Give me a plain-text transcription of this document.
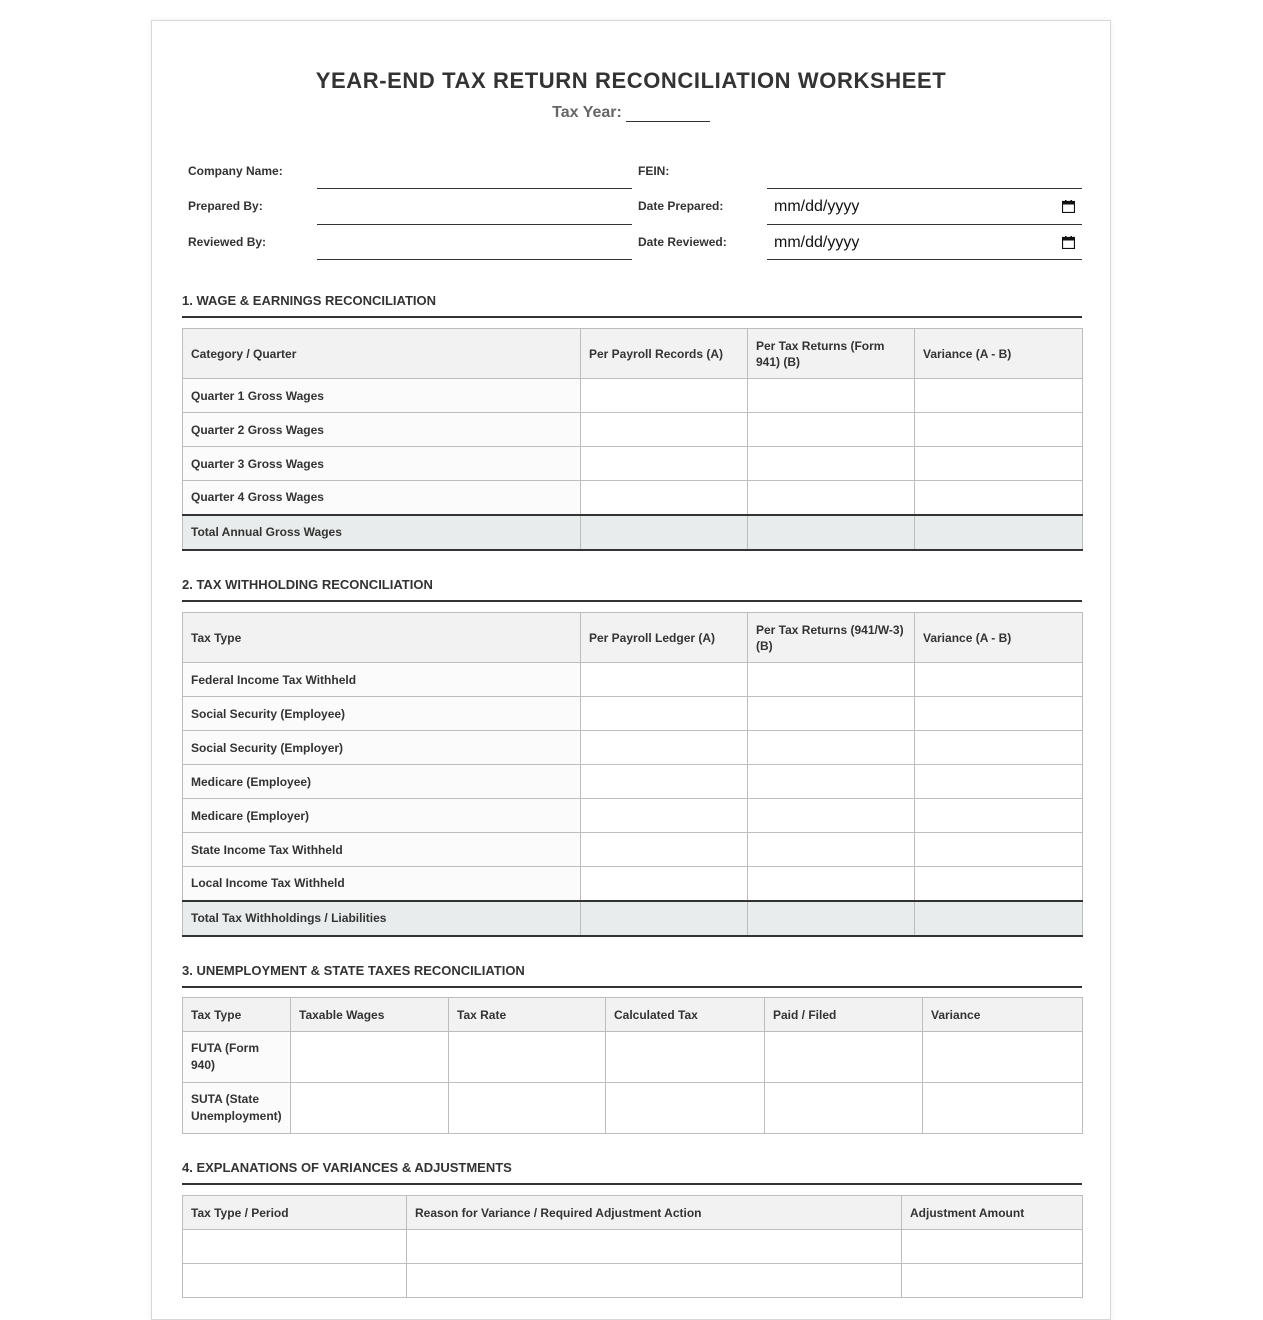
YEAR-END TAX RETURN RECONCILIATION WORKSHEET
Tax Year:
Company Name:	FEIN:
Prepared By:	Date Prepared:	mm/dd/yyyy
Reviewed By:	Date Reviewed:	mm/dd/yyyy
1. WAGE & EARNINGS RECONCILIATION
Category / Quarter	Per Payroll Records (A)	Per Tax Returns (Form 941) (B)	Variance (A - B)
Quarter 1 Gross Wages			
Quarter 2 Gross Wages			
Quarter 3 Gross Wages			
Quarter 4 Gross Wages			
Total Annual Gross Wages			
2. TAX WITHHOLDING RECONCILIATION
Tax Type	Per Payroll Ledger (A)	Per Tax Returns (941/W-3) (B)	Variance (A - B)
Federal Income Tax Withheld			
Social Security (Employee)			
Social Security (Employer)			
Medicare (Employee)			
Medicare (Employer)			
State Income Tax Withheld			
Local Income Tax Withheld			
Total Tax Withholdings / Liabilities			
3. UNEMPLOYMENT & STATE TAXES RECONCILIATION
Tax Type	Taxable Wages	Tax Rate	Calculated Tax	Paid / Filed	Variance
FUTA (Form 940)					
SUTA (State Unemployment)					
4. EXPLANATIONS OF VARIANCES & ADJUSTMENTS
Tax Type / Period	Reason for Variance / Required Adjustment Action	Adjustment Amount
